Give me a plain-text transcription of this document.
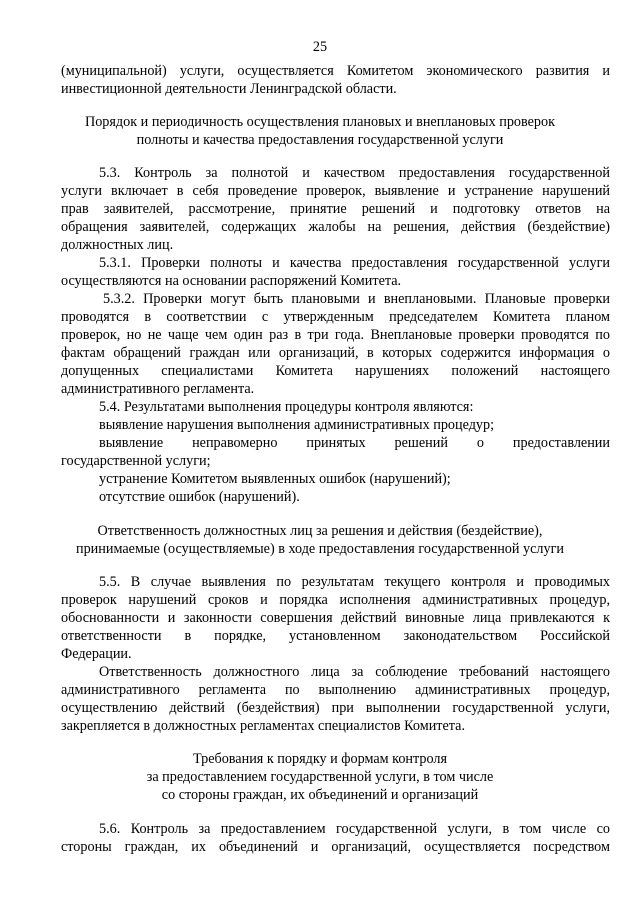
25

(муниципальной) услуги, осуществляется Комитетом экономического развития и

инвестиционной деятельности Ленинградской области.

Порядок и периодичность осуществления плановых и внеплановых проверок

полноты и качества предоставления государственной услуги

5.3. Контроль за полнотой и качеством предоставления государственной

услуги включает в себя проведение проверок, выявление и устранение нарушений

прав заявителей, рассмотрение, принятие решений и подготовку ответов на

обращения заявителей, содержащих жалобы на решения, действия (бездействие)

должностных лиц.

5.3.1. Проверки полноты и качества предоставления государственной услуги

осуществляются на основании распоряжений Комитета.

5.3.2. Проверки могут быть плановыми и внеплановыми. Плановые проверки

проводятся в соответствии с утвержденным председателем Комитета планом

проверок, но не чаще чем один раз в три года. Внеплановые проверки проводятся по

фактам обращений граждан или организаций, в которых содержится информация о

допущенных специалистами Комитета нарушениях положений настоящего

административного регламента.

5.4. Результатами выполнения процедуры контроля являются:

выявление нарушения выполнения административных процедур;

выявление неправомерно принятых решений о предоставлении

государственной услуги;

устранение Комитетом выявленных ошибок (нарушений);

отсутствие ошибок (нарушений).

Ответственность должностных лиц за решения и действия (бездействие),

принимаемые (осуществляемые) в ходе предоставления государственной услуги

5.5. В случае выявления по результатам текущего контроля и проводимых

проверок нарушений сроков и порядка исполнения административных процедур,

обоснованности и законности совершения действий виновные лица привлекаются к

ответственности в порядке, установленном законодательством Российской

Федерации.

Ответственность должностного лица за соблюдение требований настоящего

административного регламента по выполнению административных процедур,

осуществлению действий (бездействия) при выполнении государственной услуги,

закрепляется в должностных регламентах специалистов Комитета.

Требования к порядку и формам контроля

за предоставлением государственной услуги, в том числе

со стороны граждан, их объединений и организаций

5.6. Контроль за предоставлением государственной услуги, в том числе со

стороны граждан, их объединений и организаций, осуществляется посредством
